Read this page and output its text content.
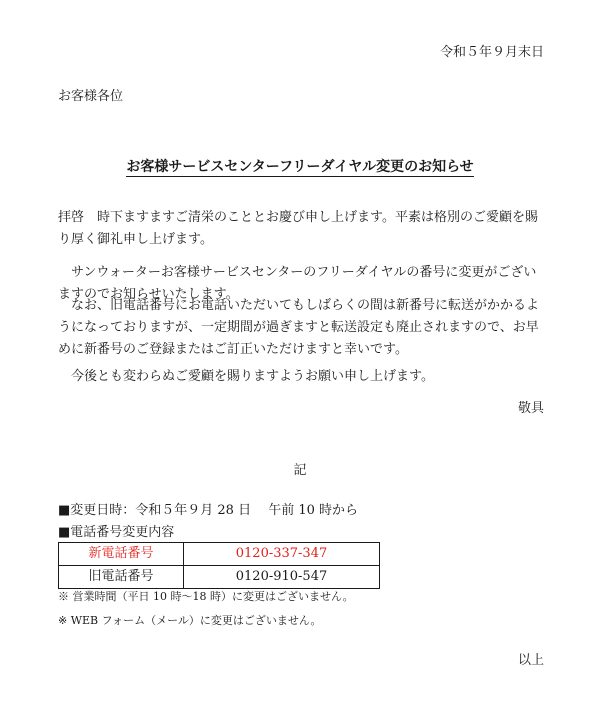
令和５年９月末日
お客様各位
お客様サービスセンターフリーダイヤル変更のお知らせ
拝啓　時下ますますご清栄のこととお慶び申し上げます。平素は格別のご愛顧を賜り厚く御礼申し上げます。
サンウォーターお客様サービスセンターのフリーダイヤルの番号に変更がございますのでお知らせいたします。
なお、旧電話番号にお電話いただいてもしばらくの間は新番号に転送がかかるようになっておりますが、一定期間が過ぎますと転送設定も廃止されますので、お早めに新番号のご登録またはご訂正いただけますと幸いです。
今後とも変わらぬご愛顧を賜りますようお願い申し上げます。
敬具
記
■変更日時：令和５年９月 28 日　 午前 10 時から
■電話番号変更内容
新電話番号	0120-337-347
旧電話番号	0120-910-547
※ 営業時間（平日 10 時～18 時）に変更はございません。
※ WEB フォーム（メール）に変更はございません。
以上
